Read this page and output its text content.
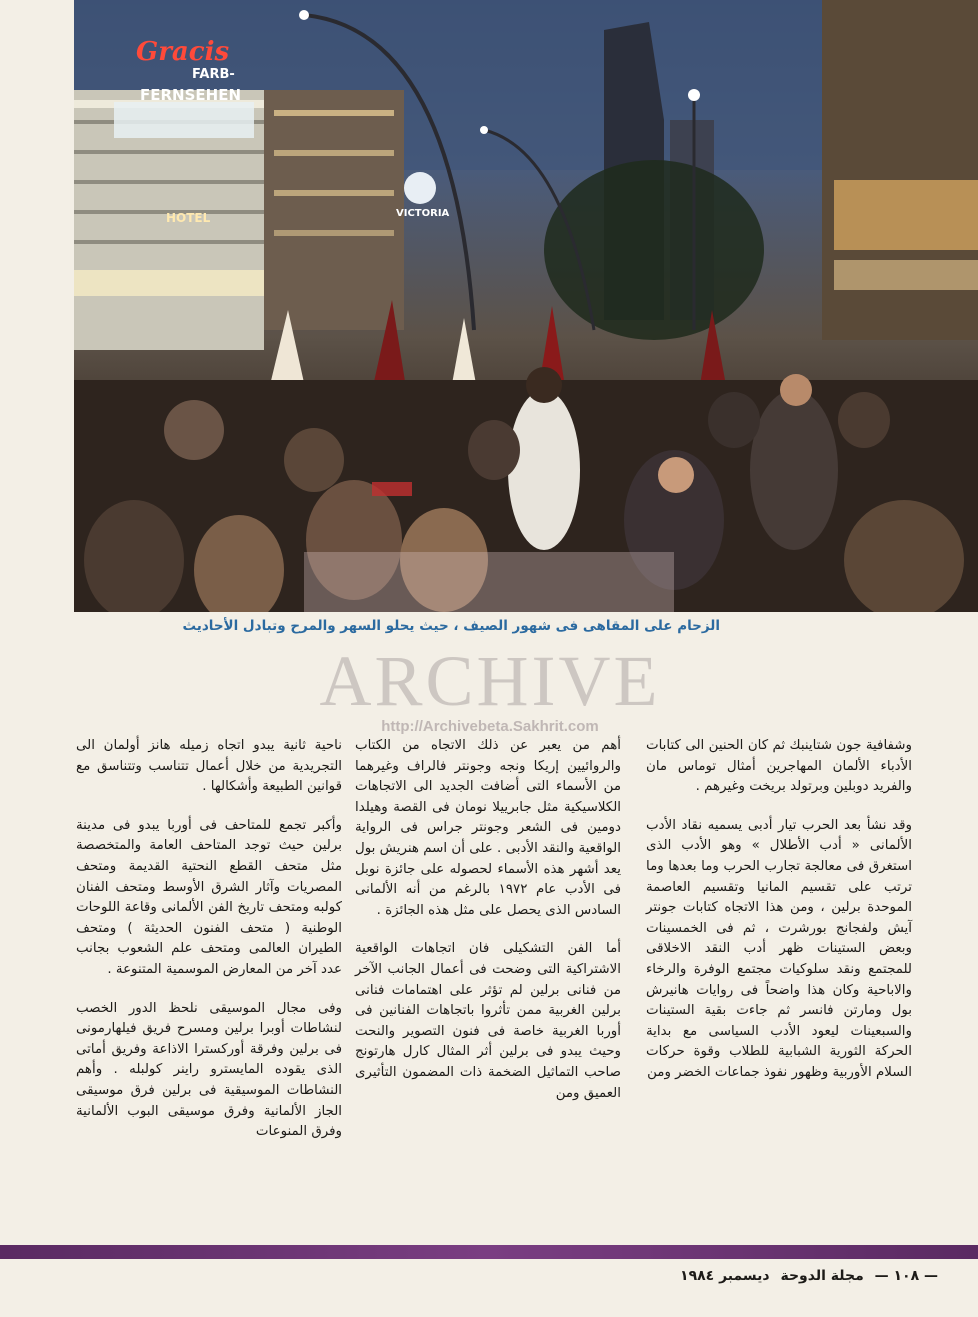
Gracis
FARB-
FERNSEHEN
HOTEL	VICTORIA
الزحام على المقاهى فى شهور الصيف ، حيث يحلو السهر والمرح وتبادل الأحاديث
ARCHIVE
http://Archivebeta.Sakhrit.com

وشفافية جون شتاينبك ثم كان الحنين الى كتابات الأدباء الألمان المهاجرين أمثال توماس مان والفريد دوبلين وبرتولد بريخت وغيرهم .

وقد نشأ بعد الحرب تيار أدبى يسميه نقاد الأدب الألمانى « أدب الأطلال » وهو الأدب الذى استغرق فى معالجة تجارب الحرب وما بعدها وما ترتب على تقسيم المانيا وتقسيم العاصمة الموحدة برلين ، ومن هذا الاتجاه كتابات جونتر آيش ولفجانج بورشرت ، ثم فى الخمسينات وبعض الستينات ظهر أدب النقد الاخلاقى للمجتمع ونقد سلوكيات مجتمع الوفرة والرخاء والاباحية وكان هذا واضحاً فى روايات هانيرش بول ومارتن فانسر ثم جاءت بقية الستينات والسبعينات ليعود الأدب السياسى مع بداية الحركة الثورية الشبابية للطلاب وقوة حركات السلام الأوربية وظهور نفوذ جماعات الخضر ومن

أهم من يعبر عن ذلك الاتجاه من الكتاب والروائيين إريكا ونجه وجونتر فالراف وغيرهما من الأسماء التى أضافت الجديد الى الاتجاهات الكلاسيكية مثل جابرييلا نومان فى القصة وهيلدا دومين فى الشعر وجونتر جراس فى الرواية الواقعية والنقد الأدبى . على أن اسم هنريش بول يعد أشهر هذه الأسماء لحصوله على جائزة نوبل فى الأدب عام ١٩٧٢ بالرغم من أنه الألمانى السادس الذى يحصل على مثل هذه الجائزة .

أما الفن التشكيلى فان اتجاهات الواقعية الاشتراكية التى وضحت فى أعمال الجانب الآخر من فنانى برلين لم تؤثر على اهتمامات فنانى برلين الغربية ممن تأثروا باتجاهات الفنانين فى أوربا الغربية خاصة فى فنون التصوير والنحت وحيث يبدو فى برلين أثر المثال كارل هارتونج صاحب التماثيل الضخمة ذات المضمون التأثيرى العميق ومن

ناحية ثانية يبدو اتجاه زميله هانز أولمان الى التجريدية من خلال أعمال تتناسب وتتناسق مع قوانين الطبيعة وأشكالها .

وأكبر تجمع للمتاحف فى أوربا يبدو فى مدينة برلين حيث توجد المتاحف العامة والمتخصصة مثل متحف القطع النحتية القديمة ومتحف المصريات وآثار الشرق الأوسط ومتحف الفنان كولبه ومتحف تاريخ الفن الألمانى وقاعة اللوحات الوطنية ( متحف الفنون الحديثة ) ومتحف الطيران العالمى ومتحف علم الشعوب بجانب عدد آخر من المعارض الموسمية المتنوعة .

وفى مجال الموسيقى نلحظ الدور الخصب لنشاطات أوبرا برلين ومسرح فريق فيلهارمونى فى برلين وفرقة أوركسترا الاذاعة وفريق أماتى الذى يقوده المايسترو راينر كولبله . وأهم النشاطات الموسيقية فى برلين فرق موسيقى الجاز الألمانية وفرق موسيقى البوب الألمانية وفرق المنوعات

— ١٠٨ — مجلة الدوحة ديسمبر ١٩٨٤
